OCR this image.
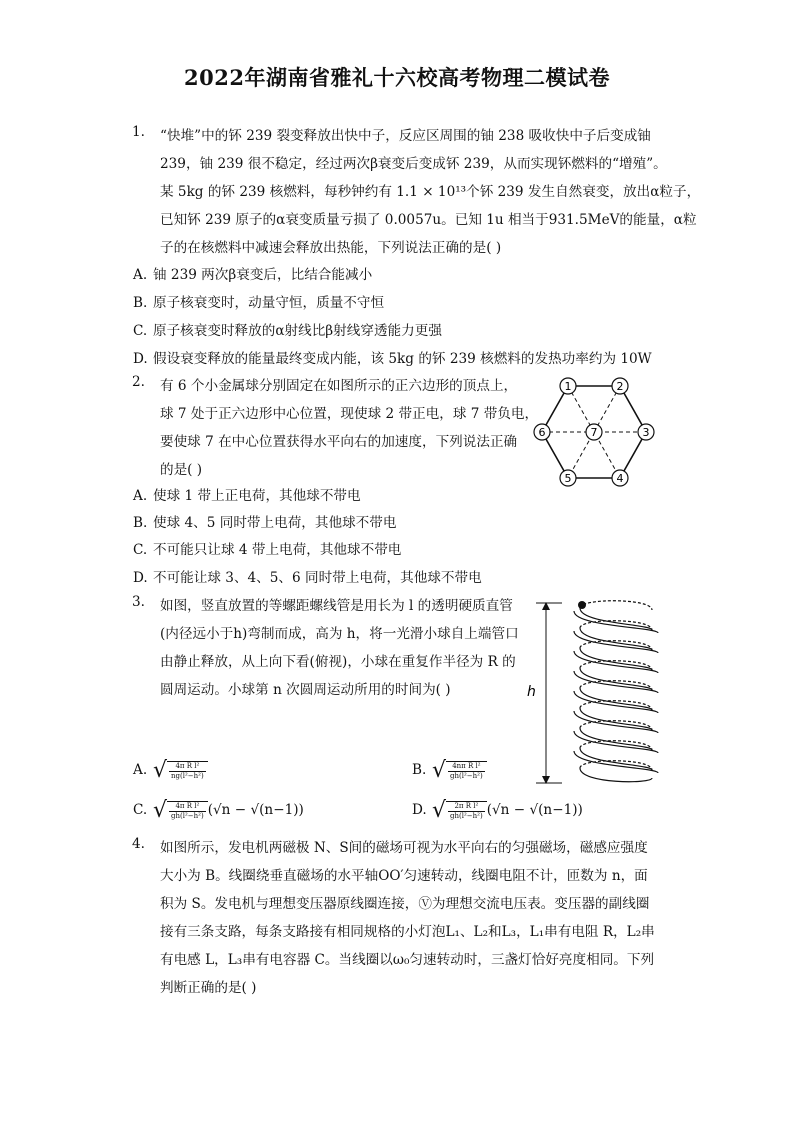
2022年湖南省雅礼十六校高考物理二模试卷
1. “快堆”中的钚 239 裂变释放出快中子，反应区周围的铀 238 吸收快中子后变成铀
239，铀 239 很不稳定，经过两次β衰变后变成钚 239，从而实现钚燃料的“增殖”。
某 5kg 的钚 239 核燃料，每秒钟约有 1.1 × 10¹³个钚 239 发生自然衰变，放出α粒子，
已知钚 239 原子的α衰变质量亏损了 0.0057u。已知 1u 相当于931.5MeV的能量，α粒
子的在核燃料中减速会释放出热能，下列说法正确的是( )
A. 铀 239 两次β衰变后，比结合能减小
B. 原子核衰变时，动量守恒，质量不守恒
C. 原子核衰变时释放的α射线比β射线穿透能力更强
D. 假设衰变释放的能量最终变成内能，该 5kg 的钚 239 核燃料的发热功率约为 10W
2. 有 6 个小金属球分别固定在如图所示的正六边形的顶点上，
球 7 处于正六边形中心位置，现使球 2 带正电，球 7 带负电，
要使球 7 在中心位置获得水平向右的加速度，下列说法正确
的是( )
1	2
3
4
5
6	7
A. 使球 1 带上正电荷，其他球不带电
B. 使球 4、5 同时带上电荷，其他球不带电
C. 不可能只让球 4 带上电荷，其他球不带电
D. 不可能让球 3、4、5、6 同时带上电荷，其他球不带电
3. 如图，竖直放置的等螺距螺线管是用长为 l 的透明硬质直管
(内径远小于h)弯制而成，高为 h，将一光滑小球自上端管口
由静止释放，从上向下看(俯视)，小球在重复作半径为 R 的
圆周运动。小球第 n 次圆周运动所用的时间为( )	h
A. √ $\frac{\text{4π R l²}}{\text{ng(l²−h²)}}$	B. √ $\frac{\text{4nπ R l²}}{\text{gh(l²−h²)}}$
C. √ $\frac{\text{4π R l²}}{\text{gh(l²−h²)}} (√n - √(n-1))$	D. √ $\frac{\text{2π R l²}}{\text{gh(l²−h²)}} (√n - √(n-1))$
4. 如图所示，发电机两磁极 N、S间的磁场可视为水平向右的匀强磁场，磁感应强度
大小为 B。线圈绕垂直磁场的水平轴OO′匀速转动，线圈电阻不计，匝数为 n，面
积为 S。发电机与理想变压器原线圈连接，Ⓥ为理想交流电压表。变压器的副线圈
接有三条支路，每条支路接有相同规格的小灯泡L₁、L₂和L₃，L₁串有电阻 R，L₂串
有电感 L，L₃串有电容器 C。当线圈以ω₀匀速转动时，三盏灯恰好亮度相同。下列
判断正确的是( )
